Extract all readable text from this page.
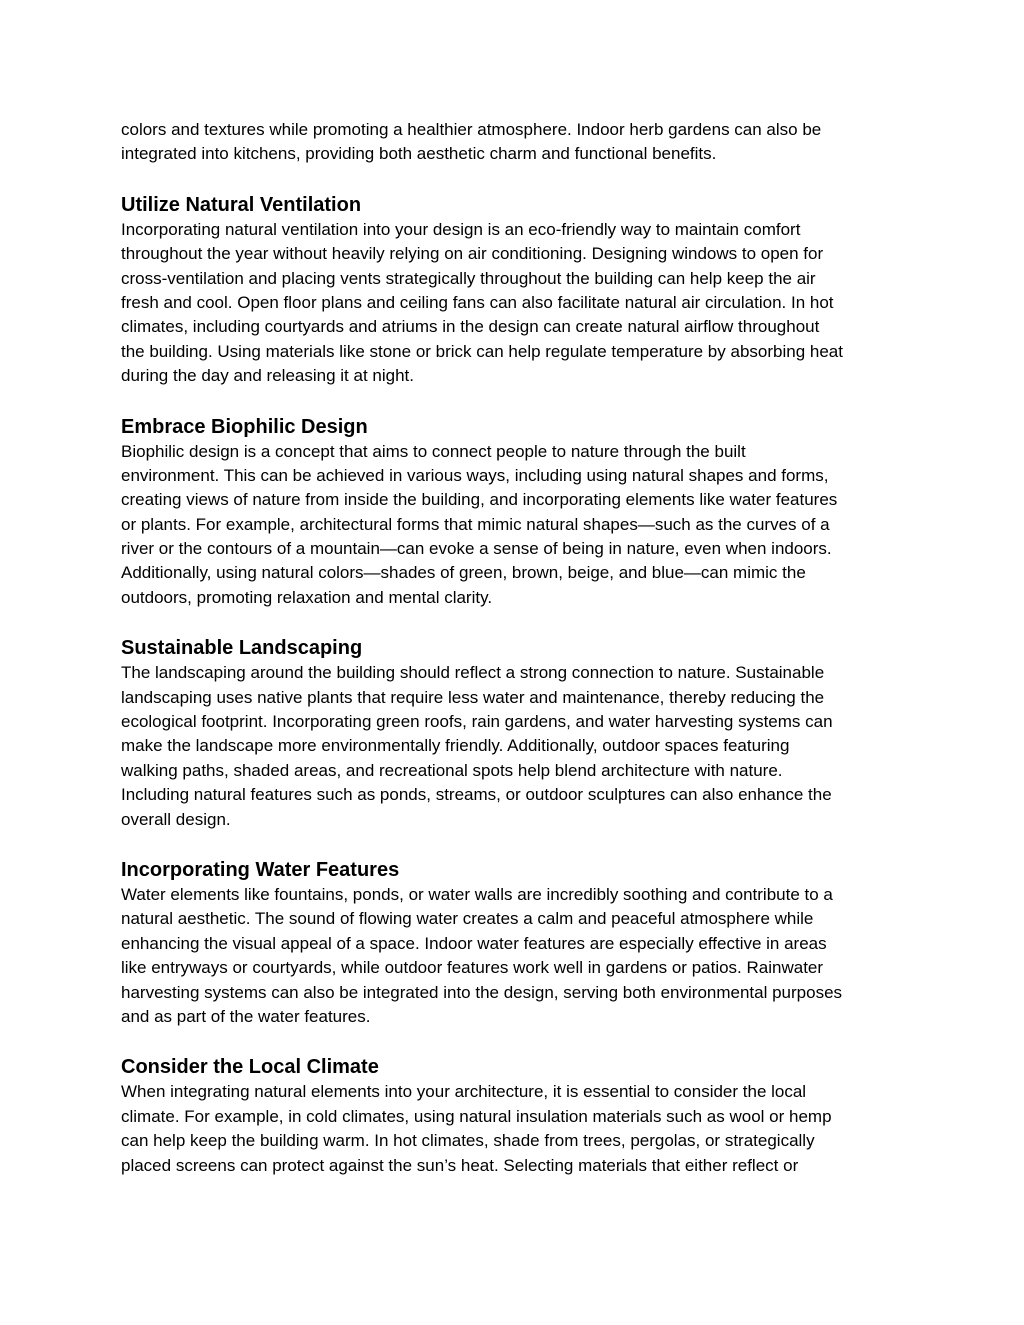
colors and textures while promoting a healthier atmosphere. Indoor herb gardens can also be
integrated into kitchens, providing both aesthetic charm and functional benefits.
Utilize Natural Ventilation
Incorporating natural ventilation into your design is an eco-friendly way to maintain comfort
throughout the year without heavily relying on air conditioning. Designing windows to open for
cross-ventilation and placing vents strategically throughout the building can help keep the air
fresh and cool. Open floor plans and ceiling fans can also facilitate natural air circulation. In hot
climates, including courtyards and atriums in the design can create natural airflow throughout
the building. Using materials like stone or brick can help regulate temperature by absorbing heat
during the day and releasing it at night.
Embrace Biophilic Design
Biophilic design is a concept that aims to connect people to nature through the built
environment. This can be achieved in various ways, including using natural shapes and forms,
creating views of nature from inside the building, and incorporating elements like water features
or plants. For example, architectural forms that mimic natural shapes—such as the curves of a
river or the contours of a mountain—can evoke a sense of being in nature, even when indoors.
Additionally, using natural colors—shades of green, brown, beige, and blue—can mimic the
outdoors, promoting relaxation and mental clarity.
Sustainable Landscaping
The landscaping around the building should reflect a strong connection to nature. Sustainable
landscaping uses native plants that require less water and maintenance, thereby reducing the
ecological footprint. Incorporating green roofs, rain gardens, and water harvesting systems can
make the landscape more environmentally friendly. Additionally, outdoor spaces featuring
walking paths, shaded areas, and recreational spots help blend architecture with nature.
Including natural features such as ponds, streams, or outdoor sculptures can also enhance the
overall design.
Incorporating Water Features
Water elements like fountains, ponds, or water walls are incredibly soothing and contribute to a
natural aesthetic. The sound of flowing water creates a calm and peaceful atmosphere while
enhancing the visual appeal of a space. Indoor water features are especially effective in areas
like entryways or courtyards, while outdoor features work well in gardens or patios. Rainwater
harvesting systems can also be integrated into the design, serving both environmental purposes
and as part of the water features.
Consider the Local Climate
When integrating natural elements into your architecture, it is essential to consider the local
climate. For example, in cold climates, using natural insulation materials such as wool or hemp
can help keep the building warm. In hot climates, shade from trees, pergolas, or strategically
placed screens can protect against the sun’s heat. Selecting materials that either reflect or
